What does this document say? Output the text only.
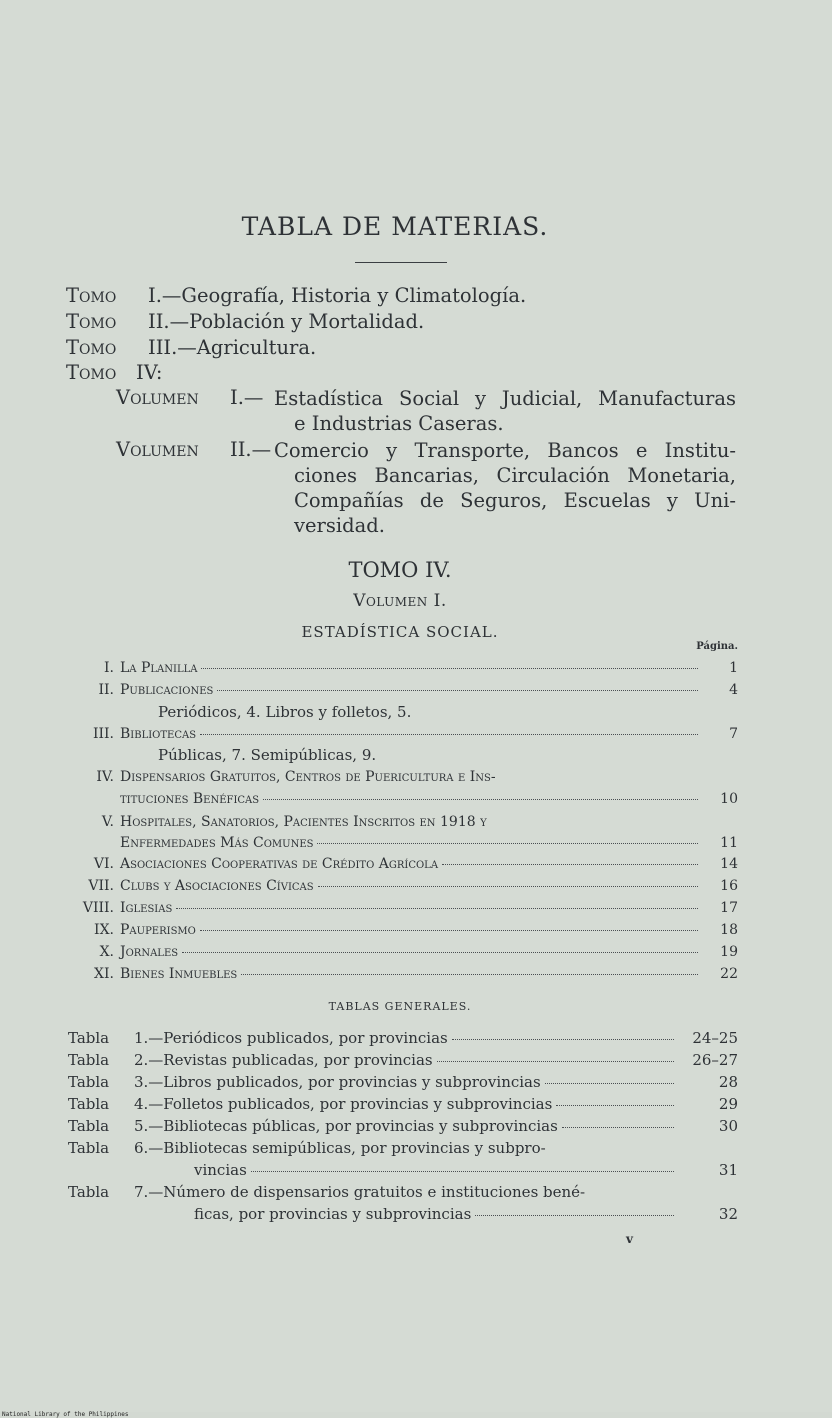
TABLA DE MATERIAS.
Tomo I.—Geografía, Historia y Climatología.
Tomo II.—Población y Mortalidad.
Tomo III.—Agricultura.
Tomo IV:
Volumen I.— Estadística Social y Judicial, Manufacturas
e Industrias Caseras.
Volumen II.— Comercio y Transporte, Bancos e Institu-
ciones Bancarias, Circulación Monetaria,
Compañías de Seguros, Escuelas y Uni-
versidad.
TOMO IV.
Volumen I.
ESTADÍSTICA SOCIAL.
Página.
I. La Planilla	1
II. Publicaciones	4
Periódicos, 4. Libros y folletos, 5.
III. Bibliotecas	7
Públicas, 7. Semipúblicas, 9.
IV. Dispensarios Gratuitos, Centros de Puericultura e Ins-
tituciones Benéficas	10
V. Hospitales, Sanatorios, Pacientes Inscritos en 1918 y
Enfermedades Más Comunes	11
VI. Asociaciones Cooperativas de Crédito Agrícola	14
VII. Clubs y Asociaciones Cívicas	16
VIII. Iglesias	17
IX. Pauperismo	18
X. Jornales	19
XI. Bienes Inmuebles	22
TABLAS GENERALES.
Tabla	1.—Periódicos publicados, por provincias	24–25
Tabla	2.—Revistas publicadas, por provincias	26–27
Tabla	3.—Libros publicados, por provincias y subprovincias	28
Tabla	4.—Folletos publicados, por provincias y subprovincias	29
Tabla	5.—Bibliotecas públicas, por provincias y subprovincias	30
Tabla	6.—Bibliotecas semipúblicas, por provincias y subpro-
vincias	31
Tabla	7.—Número de dispensarios gratuitos e instituciones bené-
ficas, por provincias y subprovincias	32
v
National Library of the Philippines
